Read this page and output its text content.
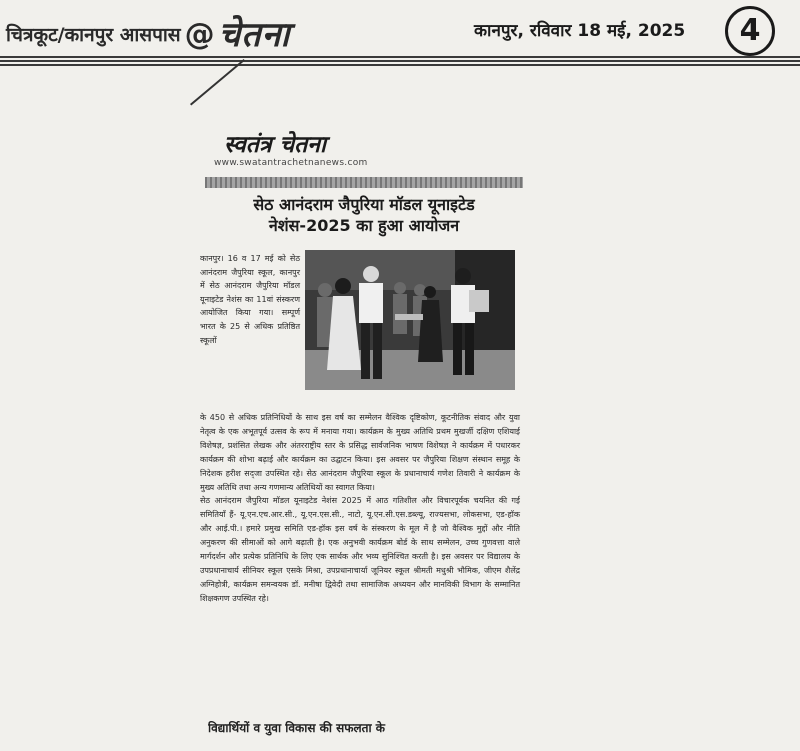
चित्रकूट/कानपुर आसपास @ चेतना	कानपुर, रविवार 18 मई, 2025	4
स्वतंत्र चेतना
www.swatantrachetnanews.com
सेठ आनंदराम जैपुरिया मॉडल यूनाइटेड
नेशंस-2025 का हुआ आयोजन
कानपुर। 16 व 17 मई को सेठ आनंदराम जैपुरिया स्कूल, कानपुर में सेठ आनंदराम जैपुरिया मॉडल यूनाइटेड नेशंस का 11वां संस्करण आयोजित किया गया। सम्पूर्ण भारत के 25 से अधिक प्रतिष्ठित स्कूलों

के 450 से अधिक प्रतिनिधियों के साथ इस वर्ष का सम्मेलन वैश्विक दृष्टिकोण, कूटनीतिक संवाद और युवा नेतृत्व के एक अभूतपूर्व उत्सव के रूप में मनाया गया। कार्यक्रम के मुख्य अतिथि प्रथम मुखर्जी दक्षिण एशियाई विशेषज्ञ, प्रशंसित लेखक और अंतरराष्ट्रीय स्तर के प्रसिद्ध सार्वजनिक भाषण विशेषज्ञ ने कार्यक्रम में पधारकर कार्यक्रम की शोभा बढ़ाई और कार्यक्रम का उद्घाटन किया। इस अवसर पर जैपुरिया शिक्षण संस्थान समूह के निदेशक हरीश सद्जा उपस्थित रहे। सेठ आनंदराम जैपुरिया स्कूल के प्रधानाचार्य गणेश तिवारी ने कार्यक्रम के मुख्य अतिथि तथा अन्य गणमान्य अतिथियों का स्वागत किया।

सेठ आनंदराम जैपुरिया मॉडल यूनाइटेड नेशंस 2025 में आठ गतिशील और विचारपूर्वक चयनित की गई समितियाँ हैं- यू.एन.एच.आर.सी., यू.एन.एस.सी., नाटो, यू.एन.सी.एस.डब्ल्यू, राज्यसभा, लोकसभा, एड-हॉक और आई.पी.। हमारे प्रमुख समिति एड-हॉक इस वर्ष के संस्करण के मूल में है जो वैश्विक मुद्दों और नीति अनुकरण की सीमाओं को आगे बढ़ाती है। एक अनुभवी कार्यक्रम बोर्ड के साथ सम्मेलन, उच्च गुणवत्ता वाले मार्गदर्शन और प्रत्येक प्रतिनिधि के लिए एक सार्थक और भव्य सुनिश्चित करती है। इस अवसर पर विद्यालय के उपप्रधानाचार्य सीनियर स्कूल एसके मिश्रा, उपप्रधानाचार्या जूनियर स्कूल श्रीमती मधुश्री भौमिक, जीएम शैलेंद्र अग्निहोत्री, कार्यक्रम समन्वयक डॉ. मनीषा द्विवेदी तथा सामाजिक अध्ययन और मानविकी विभाग के सम्मानित शिक्षकगण उपस्थित रहे।

विद्यार्थियों व युवा विकास की सफलता के
